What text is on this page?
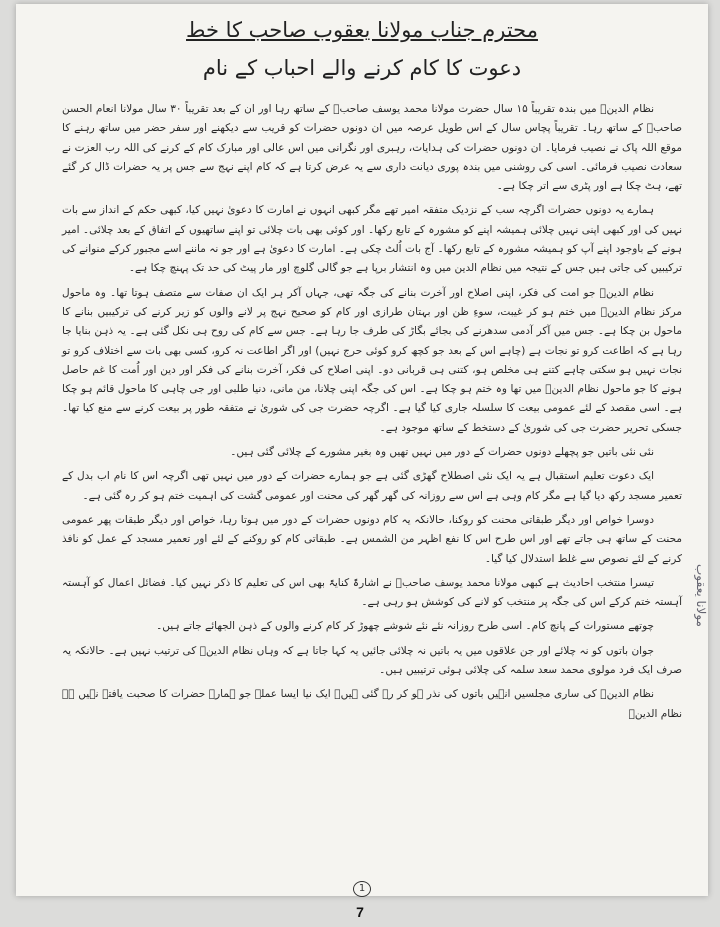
محترم جناب مولانا یعقوب صاحب کا خط
دعوت کا کام کرنے والے احباب کے نام

نظام الدینؒ میں بندہ تقریباً ۱۵ سال حضرت مولانا محمد یوسف صاحبؒ کے ساتھ رہا اور ان کے بعد تقریباً ۳۰ سال مولانا انعام الحسن صاحبؒ کے ساتھ رہا۔ تقریباً پچاس سال کے اس طویل عرصہ میں ان دونوں حضرات کو قریب سے دیکھنے اور سفر حضر میں ساتھ رہنے کا موقع اللہ پاک نے نصیب فرمایا۔ ان دونوں حضرات کی ہدایات، رہبری اور نگرانی میں اس عالی اور مبارک کام کے کرنے کی اللہ رب العزت نے سعادت نصیب فرمائی۔ اسی کی روشنی میں بندہ پوری دیانت داری سے یہ عرض کرتا ہے کہ کام اپنے نہج سے جس پر یہ حضرات ڈال کر گئے تھے، ہٹ چکا ہے اور پٹری سے اتر چکا ہے۔

ہمارے یہ دونوں حضرات اگرچہ سب کے نزدیک متفقہ امیر تھے مگر کبھی انہوں نے امارت کا دعویٰ نہیں کیا، کبھی حکم کے انداز سے بات نہیں کی اور کبھی اپنی نہیں چلائی ہمیشہ اپنے کو مشورہ کے تابع رکھا۔ اور کوئی بھی بات چلائی تو اپنے ساتھیوں کے اتفاق کے بعد چلائی۔ امیر ہونے کے باوجود اپنے آپ کو ہمیشہ مشورہ کے تابع رکھا۔ آج بات اُلٹ چکی ہے۔ امارت کا دعویٰ ہے اور جو نہ ماننے اسے مجبور کرکے منوانے کی ترکیبیں کی جاتی ہیں جس کے نتیجہ میں نظام الدین میں وہ انتشار برپا ہے جو گالی گلوچ اور مار پیٹ کی حد تک پہنچ چکا ہے۔

نظام الدینؒ جو امت کی فکر، اپنی اصلاح اور آخرت بنانے کی جگہ تھی، جہاں آکر ہر ایک ان صفات سے متصف ہوتا تھا۔ وہ ماحول مرکز نظام الدینؒ میں ختم ہو کر غیبت، سوءِ ظن اور بہتان طرازی اور کام کو صحیح نہج پر لانے والوں کو زیر کرنے کی ترکیبیں بنانے کا ماحول بن چکا ہے۔ جس میں آکر آدمی سدھرنے کی بجائے بگاڑ کی طرف جا رہا ہے۔ جس سے کام کی روح ہی نکل گئی ہے۔ یہ ذہن بنایا جا رہا ہے کہ اطاعت کرو تو نجات ہے (چاہے اس کے بعد جو کچھ کرو کوئی حرج نہیں) اور اگر اطاعت نہ کرو، کسی بھی بات سے اختلاف کرو تو نجات نہیں ہو سکتی چاہے کتنے ہی مخلص ہو، کتنی ہی قربانی دو۔ اپنی اصلاح کی فکر، آخرت بنانے کی فکر اور دین اور اُمت کا غم حاصل ہونے کا جو ماحول نظام الدینؒ میں تھا وہ ختم ہو چکا ہے۔ اس کی جگہ اپنی چلانا، من مانی، دنیا طلبی اور جی چاہی کا ماحول قائم ہو چکا ہے۔ اسی مقصد کے لئے عمومی بیعت کا سلسلہ جاری کیا گیا ہے۔ اگرچہ حضرت جی کی شوریٰ نے متفقہ طور پر بیعت کرنے سے منع کیا تھا۔ جسکی تحریر حضرت جی کی شوریٰ کے دستخط کے ساتھ موجود ہے۔

نئی نئی باتیں جو پچھلے دونوں حضرات کے دور میں نہیں تھیں وہ بغیر مشورے کے چلائی گئی ہیں۔

ایک دعوت تعلیم استقبال ہے یہ ایک نئی اصطلاح گھڑی گئی ہے جو ہمارے حضرات کے دور میں نہیں تھی اگرچہ اس کا نام اب بدل کے تعمیر مسجد رکھ دیا گیا ہے مگر کام وہی ہے اس سے روزانہ کی گھر گھر کی محنت اور عمومی گشت کی اہمیت ختم ہو کر رہ گئی ہے۔

دوسرا خواص اور دیگر طبقاتی محنت کو روکنا، حالانکہ یہ کام دونوں حضرات کے دور میں ہوتا رہا، خواص اور دیگر طبقات پھر عمومی محنت کے ساتھ ہی جاتے تھے اور اس طرح اس کا نفع اظہر من الشمس ہے۔ طبقاتی کام کو روکنے کے لئے اور تعمیر مسجد کے عمل کو نافذ کرنے کے لئے نصوص سے غلط استدلال کیا گیا۔

تیسرا منتخب احادیث ہے کبھی مولانا محمد یوسف صاحبؒ نے اشارۃً کنایۃً بھی اس کی تعلیم کا ذکر نہیں کیا۔ فضائل اعمال کو آہستہ آہستہ ختم کرکے اس کی جگہ پر منتخب کو لانے کی کوشش ہو رہی ہے۔

چوتھے مستورات کے پانچ کام۔ اسی طرح روزانہ نئے نئے شوشے چھوڑ کر کام کرنے والوں کے ذہن الجھائے جاتے ہیں۔

جوان باتوں کو نہ چلائے اور جن علاقوں میں یہ باتیں نہ چلائی جائیں یہ کہا جاتا ہے کہ وہاں نظام الدینؒ کی ترتیب نہیں ہے۔ حالانکہ یہ صرف ایک فرد مولوی محمد سعد سلمہ کی چلائی ہوئی ترتیبیں ہیں۔

نظام الدینؒ کی ساری مجلسیں انہیں باتوں کی نذر ہو کر رہ گئی ہیں۔ ایک نیا ایسا عملہ جو ہمارے حضرات کا صحبت یافتہ نہیں ہے نظام الدینؒ

مولانا یعقوب
1
7
